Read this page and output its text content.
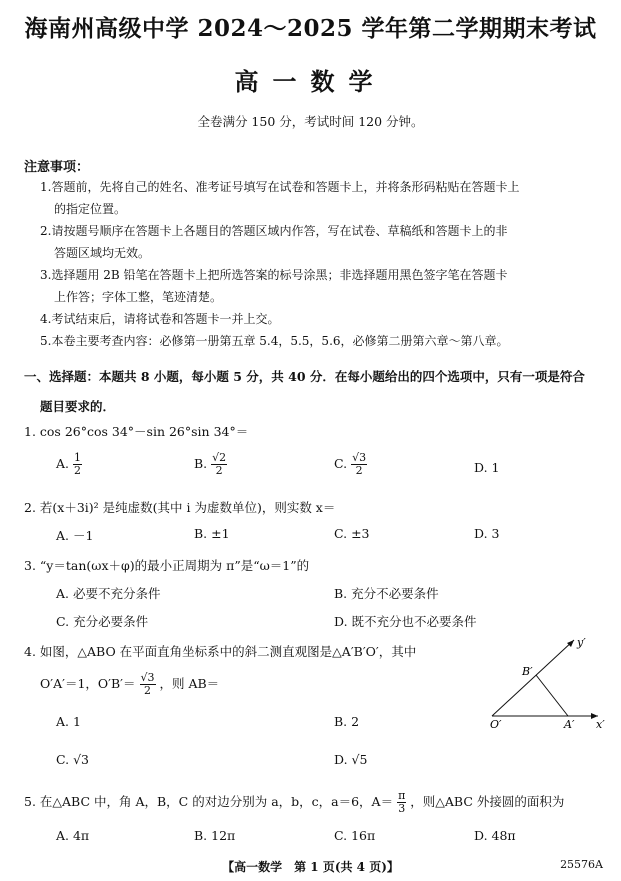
海南州高级中学 2024～2025 学年第二学期期末考试
高一数学
全卷满分 150 分，考试时间 120 分钟。
注意事项：
1.答题前，先将自己的姓名、准考证号填写在试卷和答题卡上，并将条形码粘贴在答题卡上
的指定位置。
2.请按题号顺序在答题卡上各题目的答题区域内作答，写在试卷、草稿纸和答题卡上的非
答题区域均无效。
3.选择题用 2B 铅笔在答题卡上把所选答案的标号涂黑；非选择题用黑色签字笔在答题卡
上作答；字体工整，笔迹清楚。
4.考试结束后，请将试卷和答题卡一并上交。
5.本卷主要考查内容：必修第一册第五章 5.4，5.5，5.6，必修第二册第六章～第八章。
一、选择题：本题共 8 小题，每小题 5 分，共 40 分．在每小题给出的四个选项中，只有一项是符合
题目要求的．
1. cos 26°cos 34°－sin 26°sin 34°＝
A. $\frac{1}{2}$	B. $\frac{√2}{2}$	C. $\frac{√3}{2}$	D. 1
2. 若(x＋3i)² 是纯虚数(其中 i 为虚数单位)，则实数 x＝
A. －1	B. ±1	C. ±3	D. 3
3. “y＝tan(ωx＋φ)的最小正周期为 π”是“ω＝1”的
A. 必要不充分条件	B. 充分不必要条件
C. 充分必要条件	D. 既不充分也不必要条件
4. 如图，△ABO 在平面直角坐标系中的斜二测直观图是△A′B′O′，其中
O′A′＝1，$O'B'= \frac{√3}{2}$ ，则 AB＝
A. 1	B. 2
C. √3	D. √5
y′
B′
O′	A′ x′
5. 在△ABC 中，角 A，B，C 的对边分别为 a，b，c，a＝6，$A= \frac{\pi}{3}$ ，则△ABC 外接圆的面积为
A. 4π	B. 12π	C. 16π	D. 48π
【高一数学　第 1 页(共 4 页)】	25576A
